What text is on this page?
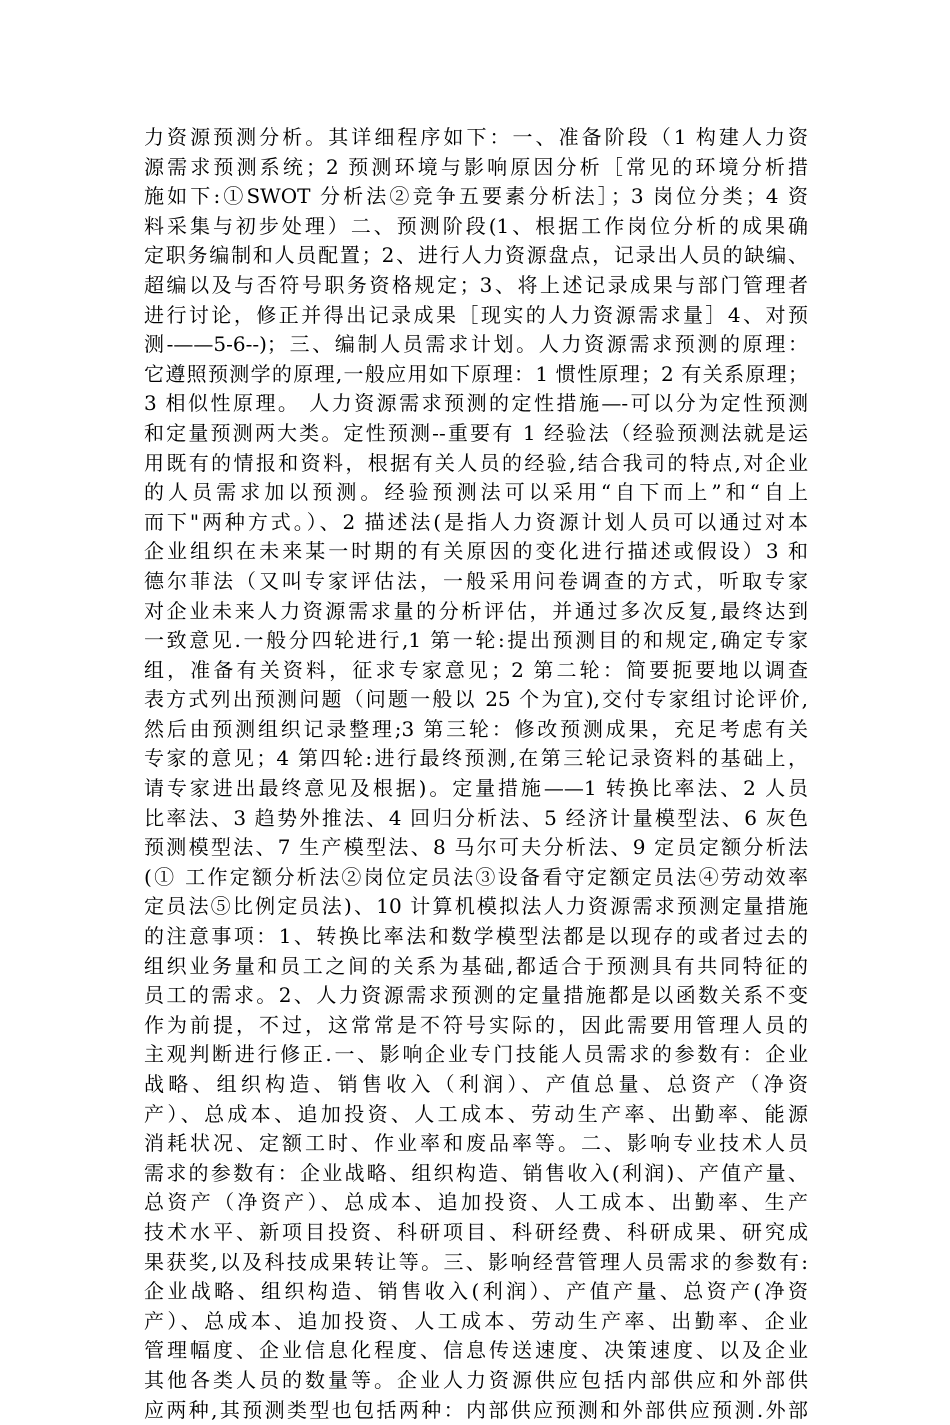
力资源预测分析。其详细程序如下：一、准备阶段（1 构建人力资
源需求预测系统；2 预测环境与影响原因分析［常见的环境分析措
施如下:①SWOT 分析法②竞争五要素分析法］；3 岗位分类；4 资
料采集与初步处理）二、预测阶段(1、根据工作岗位分析的成果确
定职务编制和人员配置；2、进行人力资源盘点，记录出人员的缺编、
超编以及与否符号职务资格规定；3、将上述记录成果与部门管理者
进行讨论，修正并得出记录成果［现实的人力资源需求量］4、对预
测-——5-6--)；三、编制人员需求计划。人力资源需求预测的原理：
它遵照预测学的原理,一般应用如下原理：1 惯性原理；2 有关系原理；
3 相似性原理。 人力资源需求预测的定性措施—-可以分为定性预测
和定量预测两大类。定性预测--重要有 1 经验法（经验预测法就是运
用既有的情报和资料，根据有关人员的经验,结合我司的特点,对企业
的人员需求加以预测。经验预测法可以采用“自下而上”和“自上
而下"两种方式。）、2 描述法(是指人力资源计划人员可以通过对本
企业组织在未来某一时期的有关原因的变化进行描述或假设）3 和
德尔菲法（又叫专家评估法，一般采用问卷调查的方式，听取专家
对企业未来人力资源需求量的分析评估，并通过多次反复,最终达到
一致意见.一般分四轮进行,1 第一轮:提出预测目的和规定,确定专家
组，准备有关资料，征求专家意见；2 第二轮：简要扼要地以调查
表方式列出预测问题（问题一般以 25 个为宜),交付专家组讨论评价,
然后由预测组织记录整理;3 第三轮：修改预测成果，充足考虑有关
专家的意见；4 第四轮:进行最终预测,在第三轮记录资料的基础上，
请专家进出最终意见及根据)。定量措施——1 转换比率法、2 人员
比率法、3 趋势外推法、4 回归分析法、5 经济计量模型法、6 灰色
预测模型法、7 生产模型法、8 马尔可夫分析法、9 定员定额分析法
(① 工作定额分析法②岗位定员法③设备看守定额定员法④劳动效率
定员法⑤比例定员法)、10 计算机模拟法人力资源需求预测定量措施
的注意事项：1、转换比率法和数学模型法都是以现存的或者过去的
组织业务量和员工之间的关系为基础,都适合于预测具有共同特征的
员工的需求。2、人力资源需求预测的定量措施都是以函数关系不变
作为前提，不过，这常常是不符号实际的，因此需要用管理人员的
主观判断进行修正.一、影响企业专门技能人员需求的参数有：企业
战略、组织构造、销售收入（利润）、产值总量、总资产（净资
产）、总成本、追加投资、人工成本、劳动生产率、出勤率、能源
消耗状况、定额工时、作业率和废品率等。二、影响专业技术人员
需求的参数有：企业战略、组织构造、销售收入(利润)、产值产量、
总资产（净资产）、总成本、追加投资、人工成本、出勤率、生产
技术水平、新项目投资、科研项目、科研经费、科研成果、研究成
果获奖,以及科技成果转让等。三、影响经营管理人员需求的参数有:
企业战略、组织构造、销售收入(利润）、产值产量、总资产(净资
产）、总成本、追加投资、人工成本、劳动生产率、出勤率、企业
管理幅度、企业信息化程度、信息传送速度、决策速度、以及企业
其他各类人员的数量等。企业人力资源供应包括内部供应和外部供
应两种,其预测类型也包括两种：内部供应预测和外部供应预测.外部
